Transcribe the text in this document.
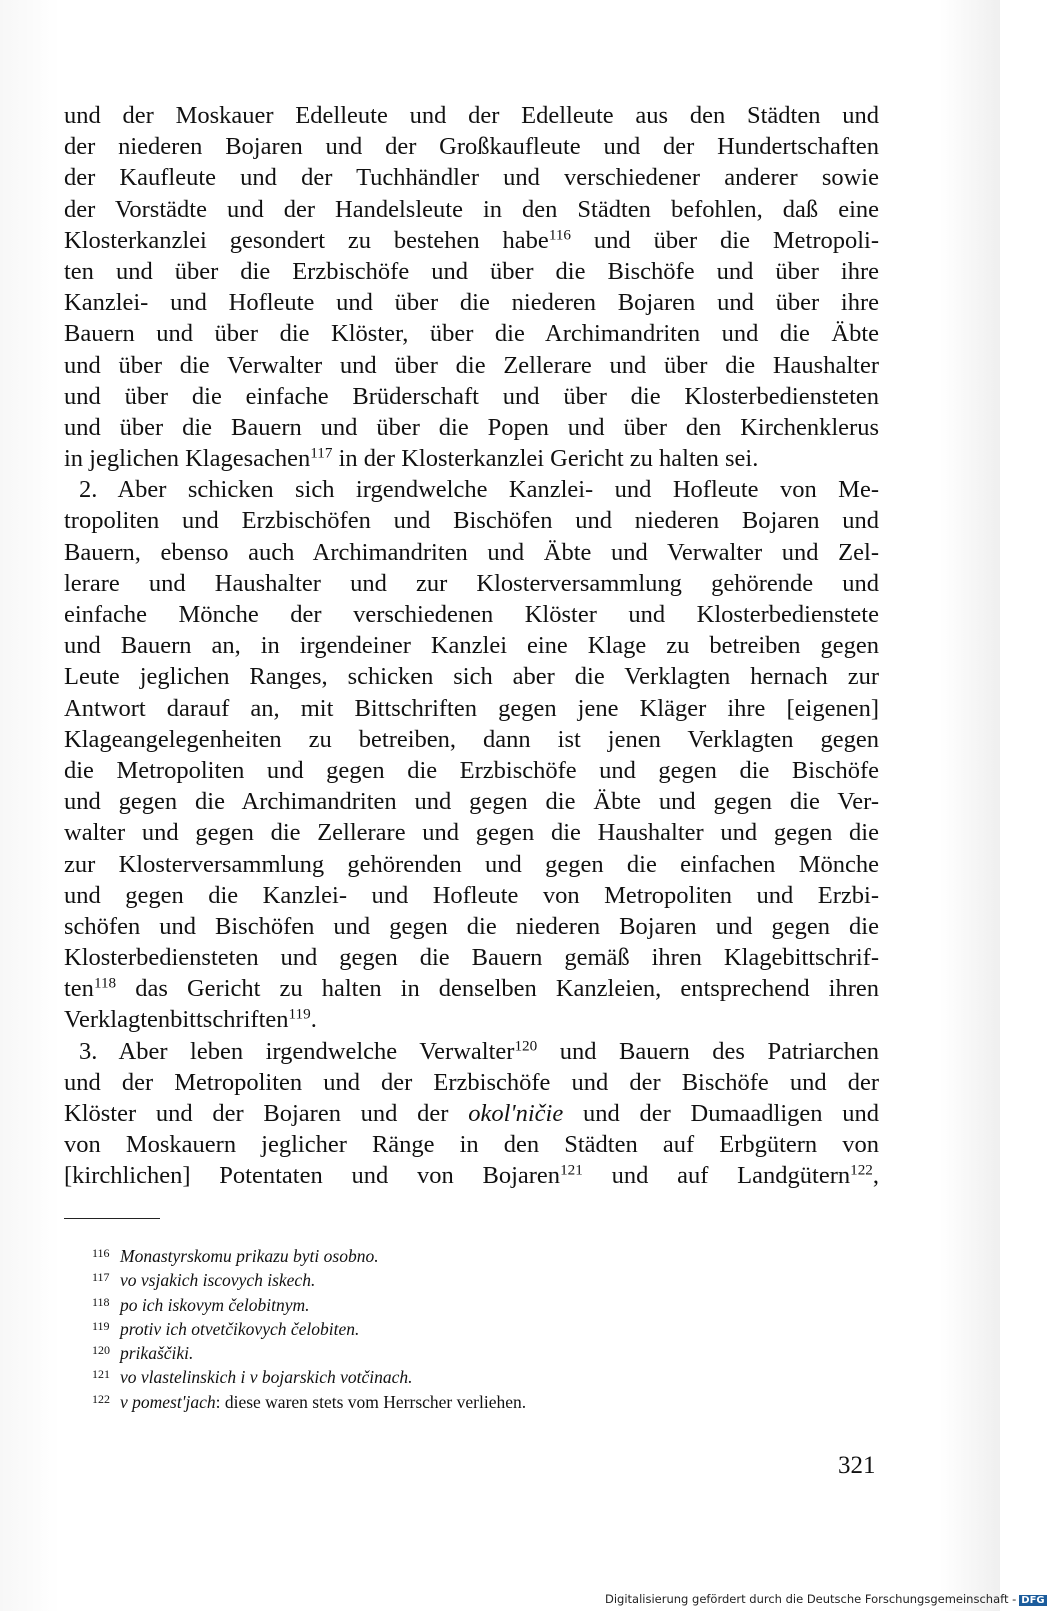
und der Moskauer Edelleute und der Edelleute aus den Städten und
der niederen Bojaren und der Großkaufleute und der Hundertschaften
der Kaufleute und der Tuchhändler und verschiedener anderer sowie
der Vorstädte und der Handelsleute in den Städten befohlen, daß eine
Klosterkanzlei gesondert zu bestehen habe$^{116}$ und über die Metropoli-
ten und über die Erzbischöfe und über die Bischöfe und über ihre
Kanzlei- und Hofleute und über die niederen Bojaren und über ihre
Bauern und über die Klöster, über die Archimandriten und die Äbte
und über die Verwalter und über die Zellerare und über die Haushalter
und über die einfache Brüderschaft und über die Klosterbediensteten
und über die Bauern und über die Popen und über den Kirchenklerus
in jeglichen Klagesachen$^{117}$ in der Klosterkanzlei Gericht zu halten sei.
2. Aber schicken sich irgendwelche Kanzlei- und Hofleute von Me-
tropoliten und Erzbischöfen und Bischöfen und niederen Bojaren und
Bauern, ebenso auch Archimandriten und Äbte und Verwalter und Zel-
lerare und Haushalter und zur Klosterversammlung gehörende und
einfache Mönche der verschiedenen Klöster und Klosterbedienstete
und Bauern an, in irgendeiner Kanzlei eine Klage zu betreiben gegen
Leute jeglichen Ranges, schicken sich aber die Verklagten hernach zur
Antwort darauf an, mit Bittschriften gegen jene Kläger ihre [eigenen]
Klageangelegenheiten zu betreiben, dann ist jenen Verklagten gegen
die Metropoliten und gegen die Erzbischöfe und gegen die Bischöfe
und gegen die Archimandriten und gegen die Äbte und gegen die Ver-
walter und gegen die Zellerare und gegen die Haushalter und gegen die
zur Klosterversammlung gehörenden und gegen die einfachen Mönche
und gegen die Kanzlei- und Hofleute von Metropoliten und Erzbi-
schöfen und Bischöfen und gegen die niederen Bojaren und gegen die
Klosterbediensteten und gegen die Bauern gemäß ihren Klagebittschrif-
ten$^{118}$ das Gericht zu halten in denselben Kanzleien, entsprechend ihren
Verklagtenbittschriften$^{119}$.
3. Aber leben irgendwelche Verwalter$^{120}$ und Bauern des Patriarchen
und der Metropoliten und der Erzbischöfe und der Bischöfe und der
Klöster und der Bojaren und der okol'ničie und der Dumaadligen und
von Moskauern jeglicher Ränge in den Städten auf Erbgütern von
[kirchlichen] Potentaten und von Bojaren$^{121}$ und auf Landgütern$^{122}$,
116 Monastyrskomu prikazu byti osobno.
117 vo vsjakich iscovych iskech.
118 po ich iskovym čelobitnym.
119 protiv ich otvetčikovych čelobiten.
120 prikaščiki.
121 vo vlastelinskich i v bojarskich votčinach.
122 v pomest'jach: diese waren stets vom Herrscher verliehen.
321
Digitalisierung gefördert durch die Deutsche Forschungsgemeinschaft - DFG
